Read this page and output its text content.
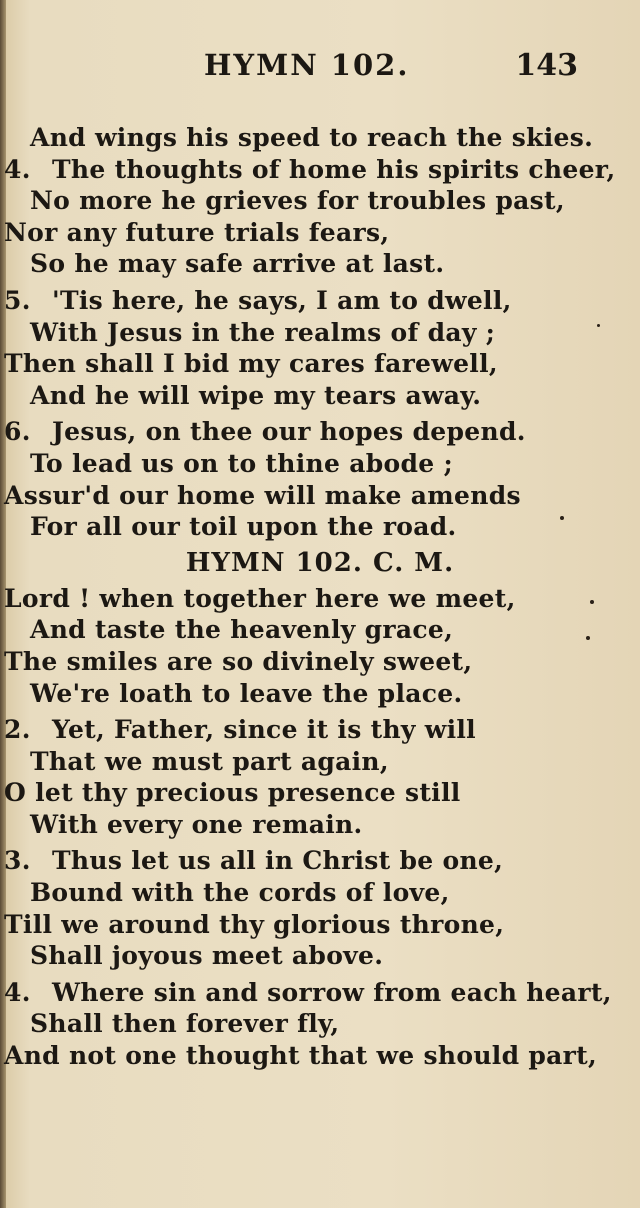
HYMN 102.	143
And wings his speed to reach the skies.
4. The thoughts of home his spirits cheer,
No more he grieves for troubles past,
Nor any future trials fears,
So he may safe arrive at last.
5. 'Tis here, he says, I am to dwell,
With Jesus in the realms of day ;
Then shall I bid my cares farewell,
And he will wipe my tears away.
6. Jesus, on thee our hopes depend.
To lead us on to thine abode ;
Assur'd our home will make amends
For all our toil upon the road.
HYMN 102. C. M.
Lord ! when together here we meet,
And taste the heavenly grace,
The smiles are so divinely sweet,
We're loath to leave the place.
2. Yet, Father, since it is thy will
That we must part again,
O let thy precious presence still
With every one remain.
3. Thus let us all in Christ be one,
Bound with the cords of love,
Till we around thy glorious throne,
Shall joyous meet above.
4. Where sin and sorrow from each heart,
Shall then forever fly,
And not one thought that we should part,
